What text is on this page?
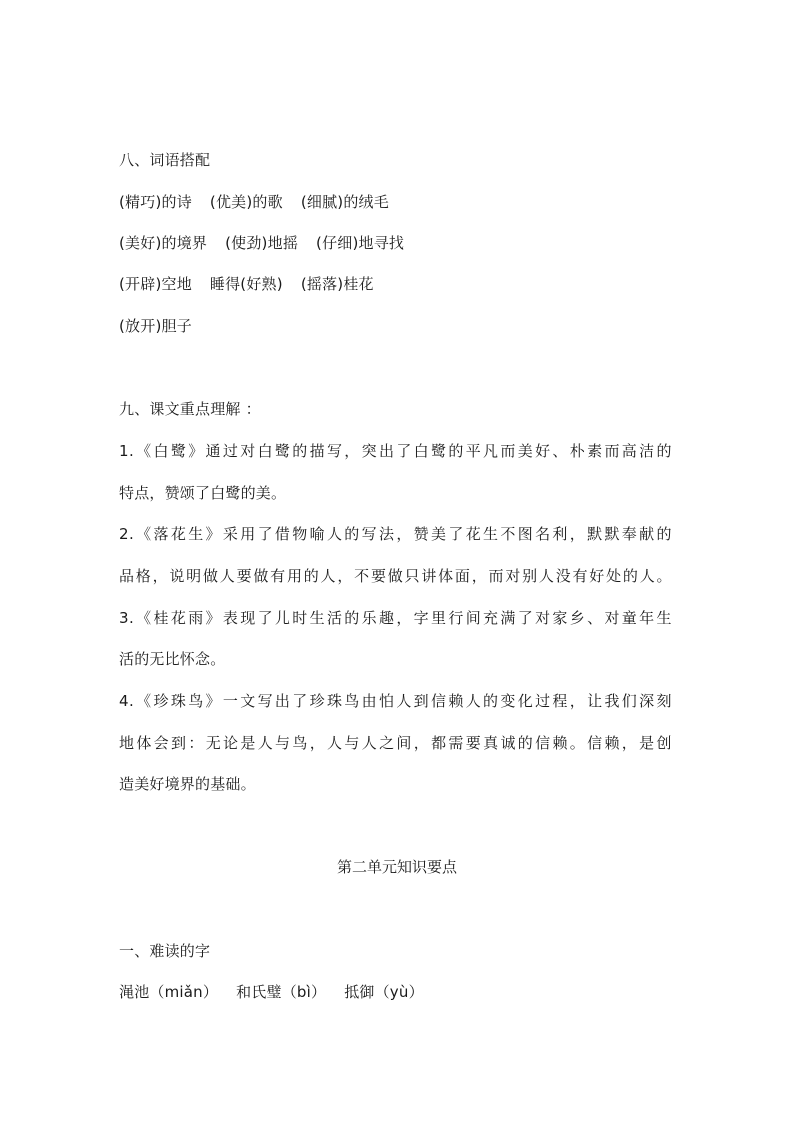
八、词语搭配
(精巧)的诗 (优美)的歌 (细腻)的绒毛
(美好)的境界 (使劲)地摇 (仔细)地寻找
(开辟)空地 睡得(好熟) (摇落)桂花
(放开)胆子
九、课文重点理解 ：
1.《白鹭》通过对白鹭的描写，突出了白鹭的平凡而美好、朴素而高洁的
特点，赞颂了白鹭的美。
2.《落花生》采用了借物喻人的写法，赞美了花生不图名利，默默奉献的
品格，说明做人要做有用的人，不要做只讲体面，而对别人没有好处的人。
3.《桂花雨》表现了儿时生活的乐趣，字里行间充满了对家乡、对童年生
活的无比怀念。
4.《珍珠鸟》一文写出了珍珠鸟由怕人到信赖人的变化过程，让我们深刻
地体会到：无论是人与鸟，人与人之间，都需要真诚的信赖。信赖，是创
造美好境界的基础。
第二单元知识要点
一、难读的字
渑池（miǎn） 和氏璧（bì） 抵御（yù）
